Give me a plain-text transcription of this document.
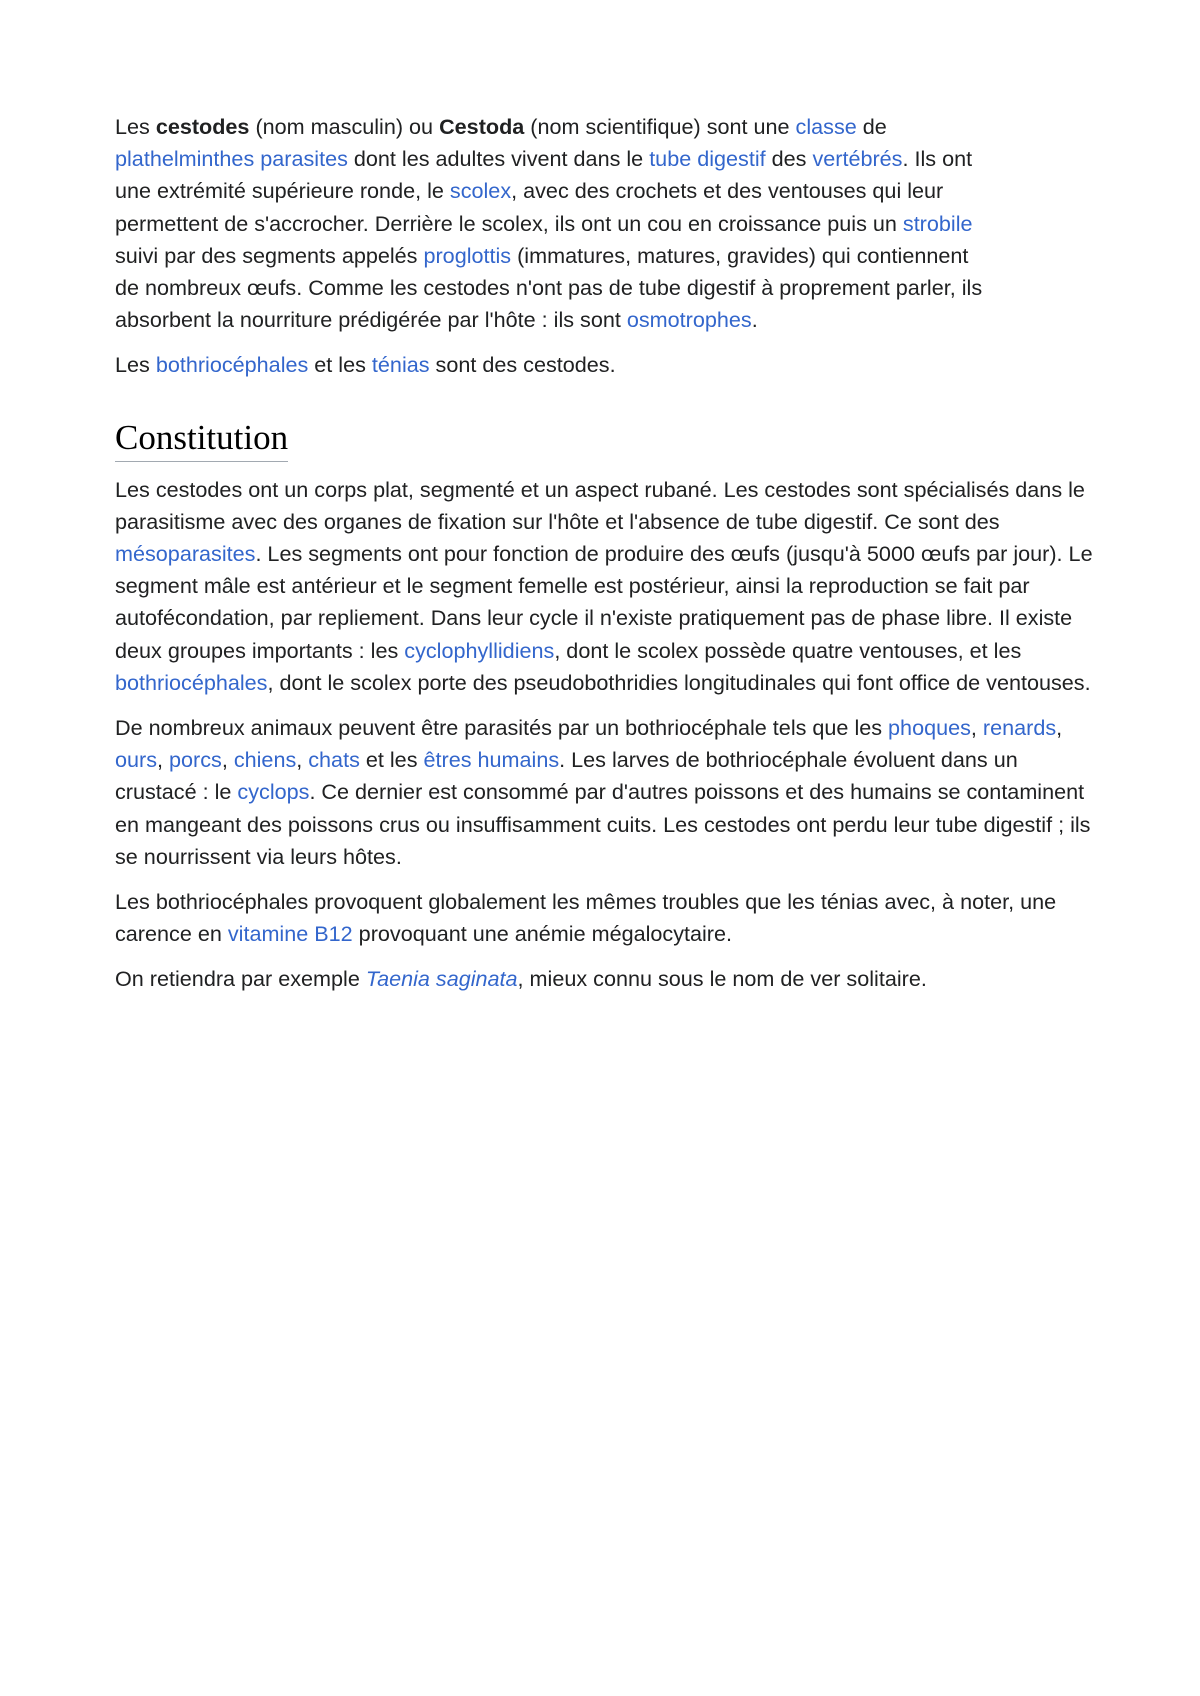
Les cestodes (nom masculin) ou Cestoda (nom scientifique) sont une classe de plathelminthes parasites dont les adultes vivent dans le tube digestif des vertébrés. Ils ont une extrémité supérieure ronde, le scolex, avec des crochets et des ventouses qui leur permettent de s'accrocher. Derrière le scolex, ils ont un cou en croissance puis un strobile suivi par des segments appelés proglottis (immatures, matures, gravides) qui contiennent de nombreux œufs. Comme les cestodes n'ont pas de tube digestif à proprement parler, ils absorbent la nourriture prédigérée par l'hôte : ils sont osmotrophes.

Les bothriocéphales et les ténias sont des cestodes.

Constitution

Les cestodes ont un corps plat, segmenté et un aspect rubané. Les cestodes sont spécialisés dans le parasitisme avec des organes de fixation sur l'hôte et l'absence de tube digestif. Ce sont des mésoparasites. Les segments ont pour fonction de produire des œufs (jusqu'à 5000 œufs par jour). Le segment mâle est antérieur et le segment femelle est postérieur, ainsi la reproduction se fait par autofécondation, par repliement. Dans leur cycle il n'existe pratiquement pas de phase libre. Il existe deux groupes importants : les cyclophyllidiens, dont le scolex possède quatre ventouses, et les bothriocéphales, dont le scolex porte des pseudobothridies longitudinales qui font office de ventouses.

De nombreux animaux peuvent être parasités par un bothriocéphale tels que les phoques, renards, ours, porcs, chiens, chats et les êtres humains. Les larves de bothriocéphale évoluent dans un crustacé : le cyclops. Ce dernier est consommé par d'autres poissons et des humains se contaminent en mangeant des poissons crus ou insuffisamment cuits. Les cestodes ont perdu leur tube digestif ; ils se nourrissent via leurs hôtes.

Les bothriocéphales provoquent globalement les mêmes troubles que les ténias avec, à noter, une carence en vitamine B12 provoquant une anémie mégalocytaire.

On retiendra par exemple Taenia saginata, mieux connu sous le nom de ver solitaire.
